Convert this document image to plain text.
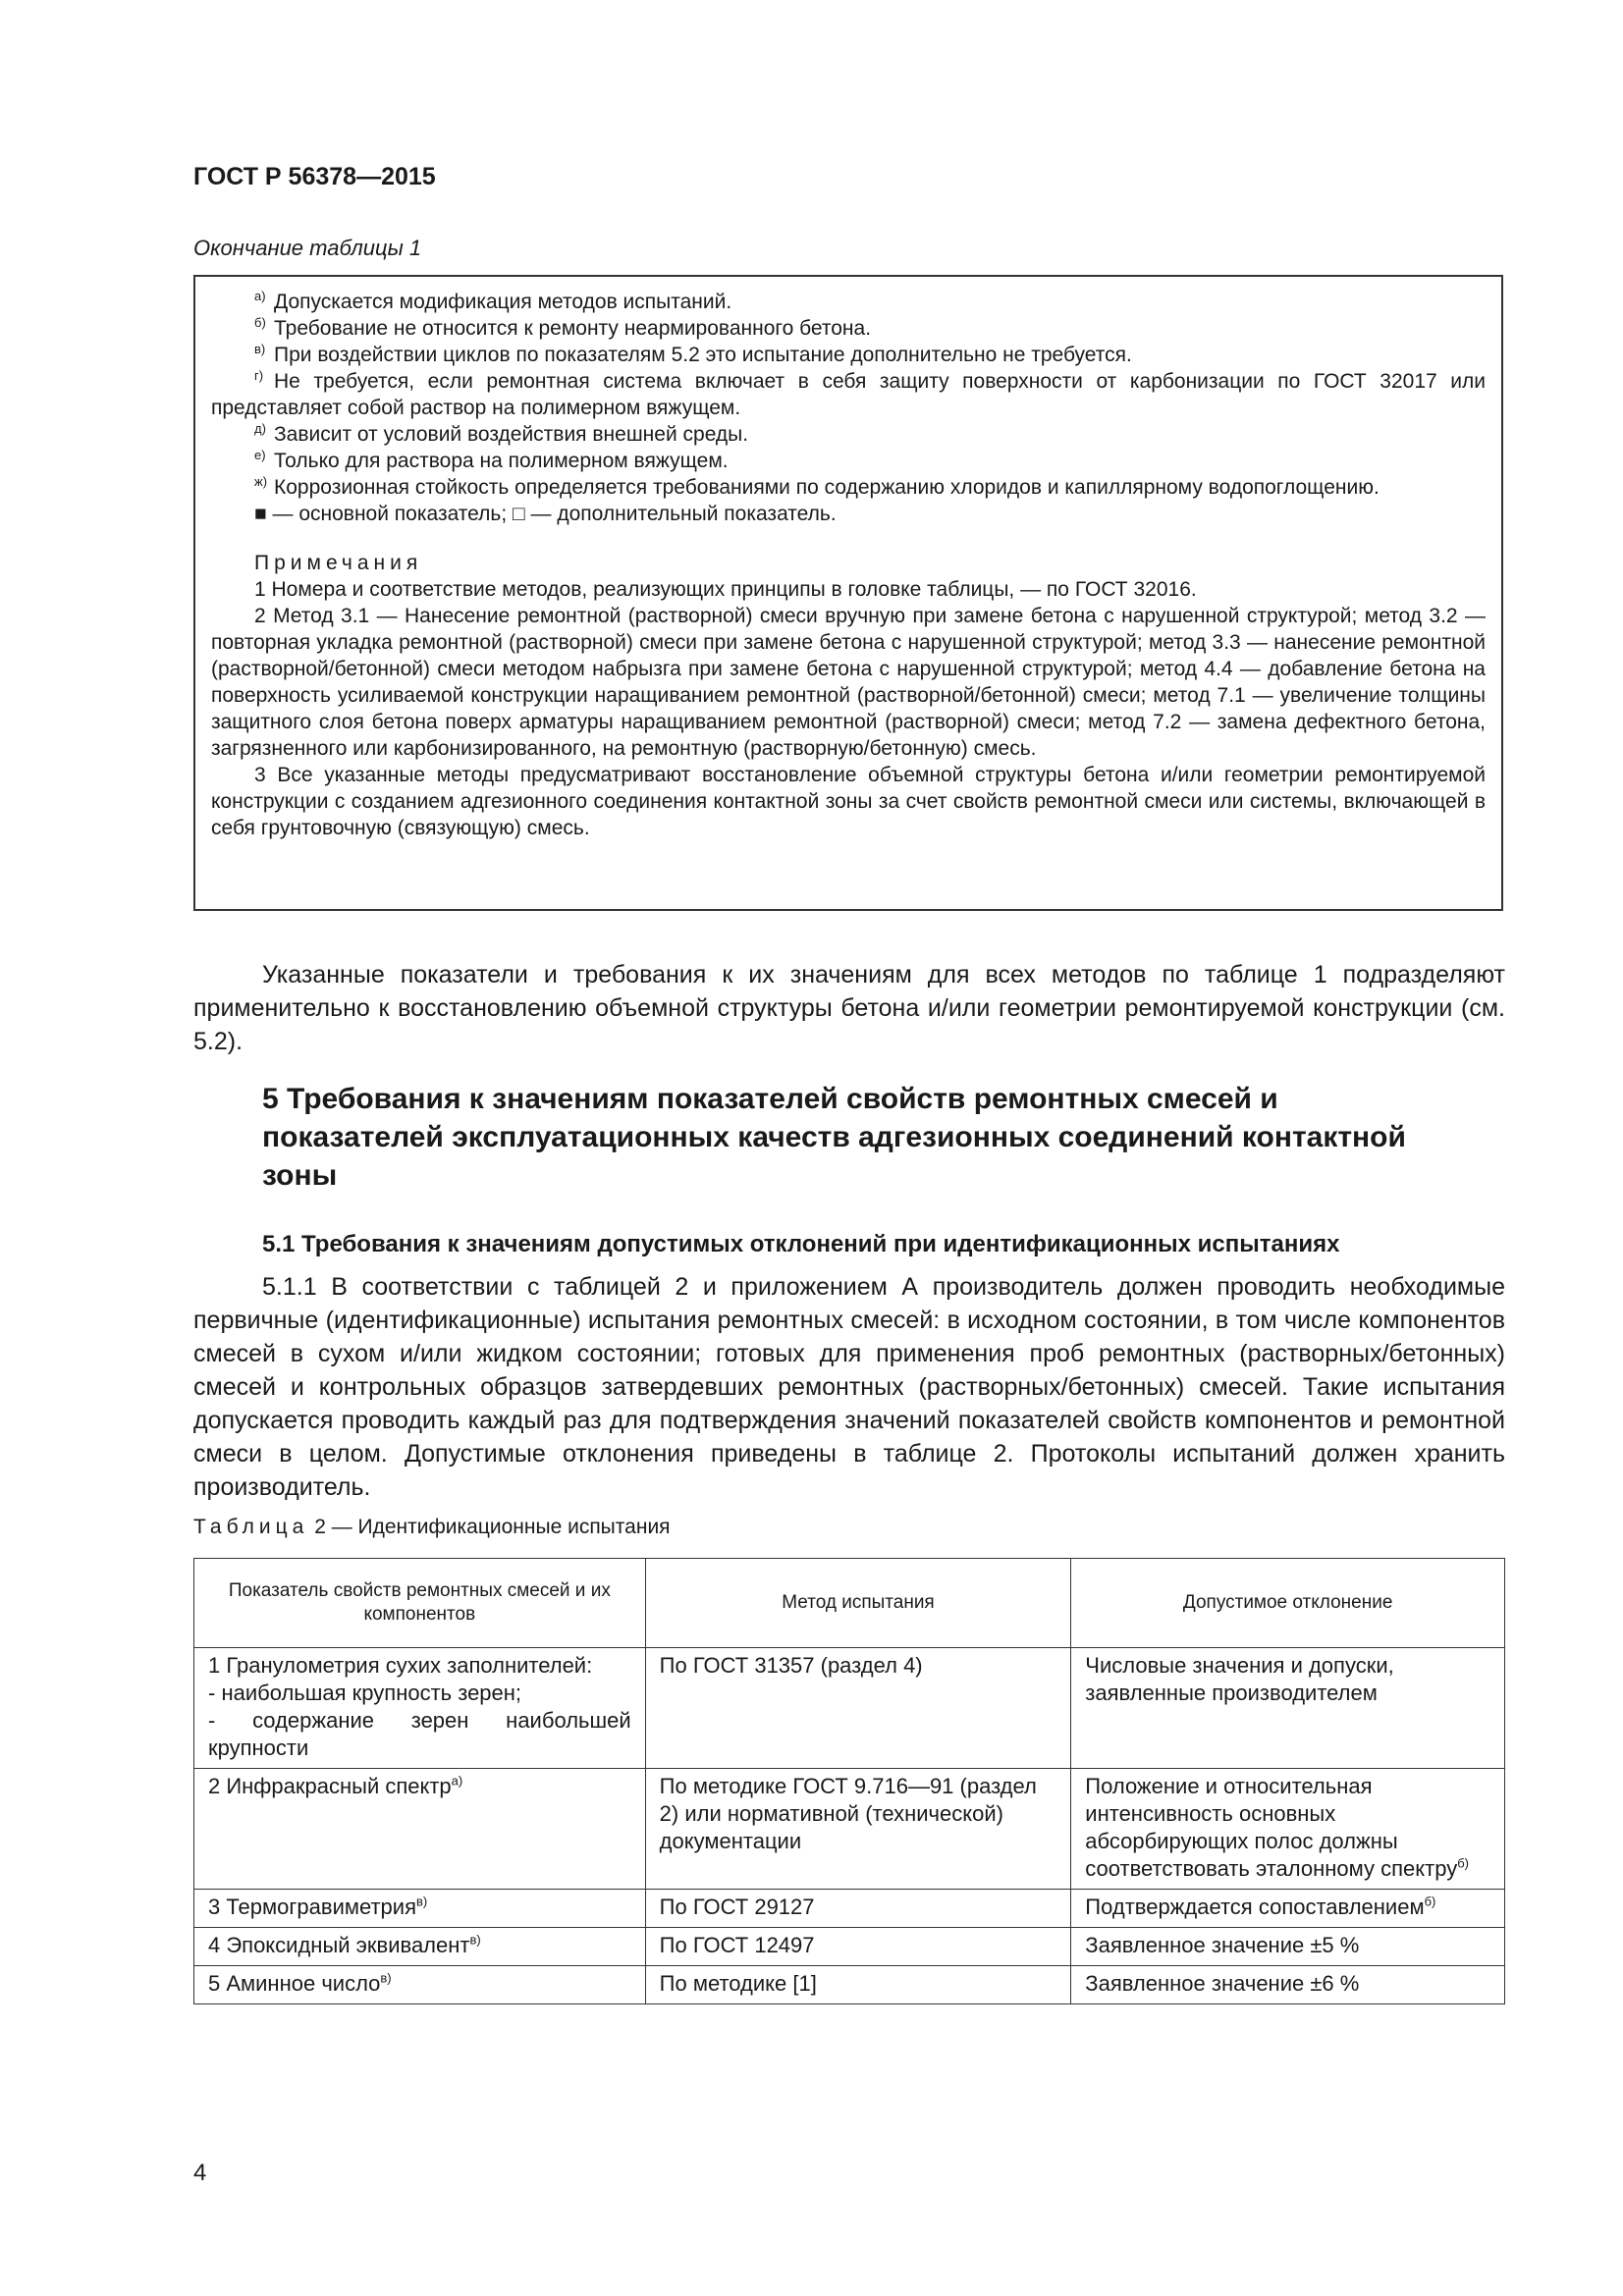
ГОСТ Р 56378—2015
Окончание таблицы 1

$^{а)}$ Допускается модификация методов испытаний.

$^{б)}$ Требование не относится к ремонту неармированного бетона.

$^{в)}$ При воздействии циклов по показателям 5.2 это испытание дополнительно не требуется.

$^{г)}$ Не требуется, если ремонтная система включает в себя защиту поверхности от карбонизации по ГОСТ 32017 или представляет собой раствор на полимерном вяжущем.

$^{д)}$ Зависит от условий воздействия внешней среды.

$^{е)}$ Только для раствора на полимерном вяжущем.

$^{ж)}$ Коррозионная стойкость определяется требованиями по содержанию хлоридов и капиллярному водопоглощению.

■ — основной показатель; □ — дополнительный показатель.

Примечания

1 Номера и соответствие методов, реализующих принципы в головке таблицы, — по ГОСТ 32016.

2 Метод 3.1 — Нанесение ремонтной (растворной) смеси вручную при замене бетона с нарушенной структурой; метод 3.2 — повторная укладка ремонтной (растворной) смеси при замене бетона с нарушенной структурой; метод 3.3 — нанесение ремонтной (растворной/бетонной) смеси методом набрызга при замене бетона с нарушенной структурой; метод 4.4 — добавление бетона на поверхность усиливаемой конструкции наращиванием ремонтной (растворной/бетонной) смеси; метод 7.1 — увеличение толщины защитного слоя бетона поверх арматуры наращиванием ремонтной (растворной) смеси; метод 7.2 — замена дефектного бетона, загрязненного или карбонизированного, на ремонтную (растворную/бетонную) смесь.

3 Все указанные методы предусматривают восстановление объемной структуры бетона и/или геометрии ремонтируемой конструкции с созданием адгезионного соединения контактной зоны за счет свойств ремонтной смеси или системы, включающей в себя грунтовочную (связующую) смесь.

Указанные показатели и требования к их значениям для всех методов по таблице 1 подразделяют применительно к восстановлению объемной структуры бетона и/или геометрии ремонтируемой конструкции (см. 5.2).

5 Требования к значениям показателей свойств ремонтных смесей и показателей эксплуатационных качеств адгезионных соединений контактной зоны
5.1 Требования к значениям допустимых отклонений при идентификационных испытаниях

5.1.1 В соответствии с таблицей 2 и приложением А производитель должен проводить необходимые первичные (идентификационные) испытания ремонтных смесей: в исходном состоянии, в том числе компонентов смесей в сухом и/или жидком состоянии; готовых для применения проб ремонтных (растворных/бетонных) смесей и контрольных образцов затвердевших ремонтных (растворных/бетонных) смесей. Такие испытания допускается проводить каждый раз для подтверждения значений показателей свойств компонентов и ремонтной смеси в целом. Допустимые отклонения приведены в таблице 2. Протоколы испытаний должен хранить производитель.

Таблица 2 — Идентификационные испытания
Показатель свойств ремонтных смесей и их компонентов	Метод испытания	Допустимое отклонение

1 Гранулометрия сухих заполнителей:
- наибольшая крупность зерен;
- содержание зерен наибольшей крупности	По ГОСТ 31357 (раздел 4)	Числовые значения и допуски, заявленные производителем
2 Инфракрасный спектр$^{а)}$	По методике ГОСТ 9.716—91 (раздел 2) или нормативной (технической) документации	Положение и относительная интенсивность основных абсорбирующих полос должны соответствовать эталонному спектру$^{б)}$
3 Термогравиметрия$^{в)}$	По ГОСТ 29127	Подтверждается сопоставлением$^{б)}$
4 Эпоксидный эквивалент$^{в)}$	По ГОСТ 12497	Заявленное значение ±5 %
5 Аминное число$^{в)}$	По методике [1]	Заявленное значение ±6 %
4
